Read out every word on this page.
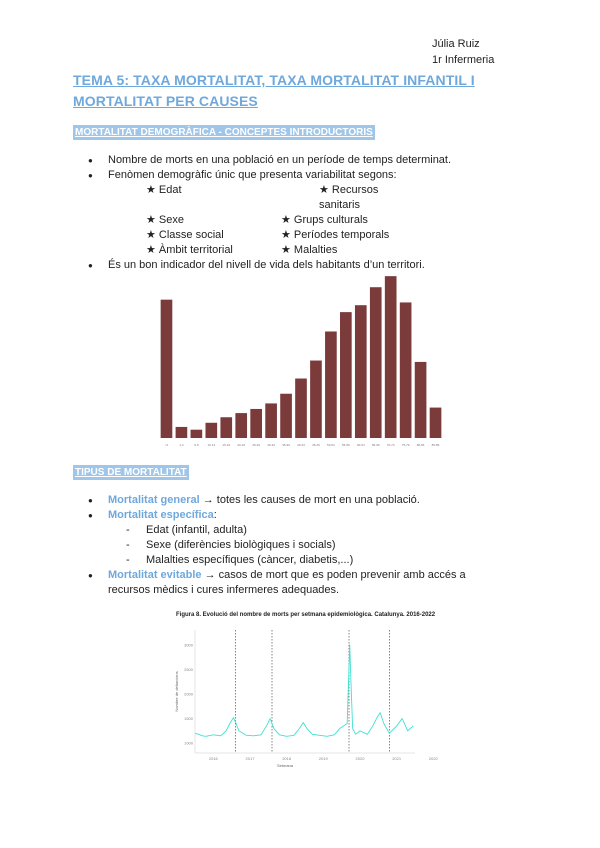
Júlia Ruiz
1r Infermeria
TEMA 5: TAXA MORTALITAT, TAXA MORTALITAT INFANTIL I MORTALITAT PER CAUSES
MORTALITAT DEMOGRÀFICA - CONCEPTES INTRODUCTORIS
● Nombre de morts en una població en un període de temps determinat.
● Fenòmen demogràfic únic que presenta variabilitat segons:
★ Edat	★ Recursos sanitaris
★ Sexe	★ Grups culturals
★ Classe social	★ Períodes temporals
★ Àmbit territorial	★ Malalties
● És un bon indicador del nivell de vida dels habitants d’un territori.
<1	1-4	5-9	10-14 15-19 20-24 25-29 30-34 35-39 40-44 45-49 50-54 55-59 60-64 65-69 70-74 75-79 80-84 85-89
TIPUS DE MORTALITAT
● Mortalitat general → totes les causes de mort en una població.
● Mortalitat específica:
- Edat (infantil, adulta)
- Sexe (diferències biològiques i socials)
- Malalties específiques (càncer, diabetis,...)
● Mortalitat evitable → casos de mort que es poden prevenir amb accés a recursos mèdics i cures infermeres adequades.
Figura 8. Evolució del nombre de morts per setmana epidemiològica. Catalunya. 2016-2022
1000
1500
2000
2500
3000
2016	2017	2018	2019	2020	2021	2022
Nombre de defuncions
Setmana
